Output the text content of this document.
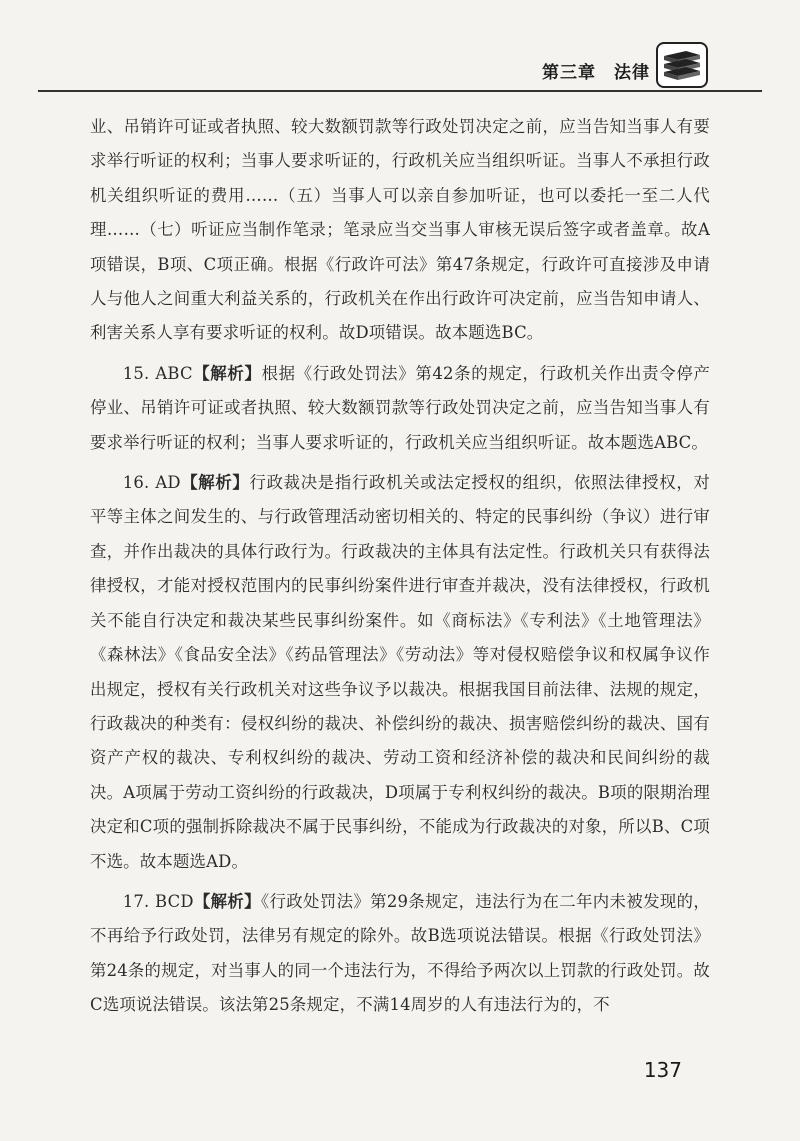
第三章　法律

业、吊销许可证或者执照、较大数额罚款等行政处罚决定之前，应当告知当事人有要求举行听证的权利；当事人要求听证的，行政机关应当组织听证。当事人不承担行政机关组织听证的费用……（五）当事人可以亲自参加听证，也可以委托一至二人代理……（七）听证应当制作笔录；笔录应当交当事人审核无误后签字或者盖章。故A项错误，B项、C项正确。根据《行政许可法》第47条规定，行政许可直接涉及申请人与他人之间重大利益关系的，行政机关在作出行政许可决定前，应当告知申请人、利害关系人享有要求听证的权利。故D项错误。故本题选BC。

15. ABC【解析】根据《行政处罚法》第42条的规定，行政机关作出责令停产停业、吊销许可证或者执照、较大数额罚款等行政处罚决定之前，应当告知当事人有要求举行听证的权利；当事人要求听证的，行政机关应当组织听证。故本题选ABC。

16. AD【解析】行政裁决是指行政机关或法定授权的组织，依照法律授权，对平等主体之间发生的、与行政管理活动密切相关的、特定的民事纠纷（争议）进行审查，并作出裁决的具体行政行为。行政裁决的主体具有法定性。行政机关只有获得法律授权，才能对授权范围内的民事纠纷案件进行审查并裁决，没有法律授权，行政机关不能自行决定和裁决某些民事纠纷案件。如《商标法》《专利法》《土地管理法》《森林法》《食品安全法》《药品管理法》《劳动法》等对侵权赔偿争议和权属争议作出规定，授权有关行政机关对这些争议予以裁决。根据我国目前法律、法规的规定，行政裁决的种类有：侵权纠纷的裁决、补偿纠纷的裁决、损害赔偿纠纷的裁决、国有资产产权的裁决、专利权纠纷的裁决、劳动工资和经济补偿的裁决和民间纠纷的裁决。A项属于劳动工资纠纷的行政裁决，D项属于专利权纠纷的裁决。B项的限期治理决定和C项的强制拆除裁决不属于民事纠纷，不能成为行政裁决的对象，所以B、C项不选。故本题选AD。

17. BCD【解析】《行政处罚法》第29条规定，违法行为在二年内未被发现的，不再给予行政处罚，法律另有规定的除外。故B选项说法错误。根据《行政处罚法》第24条的规定，对当事人的同一个违法行为，不得给予两次以上罚款的行政处罚。故C选项说法错误。该法第25条规定，不满14周岁的人有违法行为的，不

137
